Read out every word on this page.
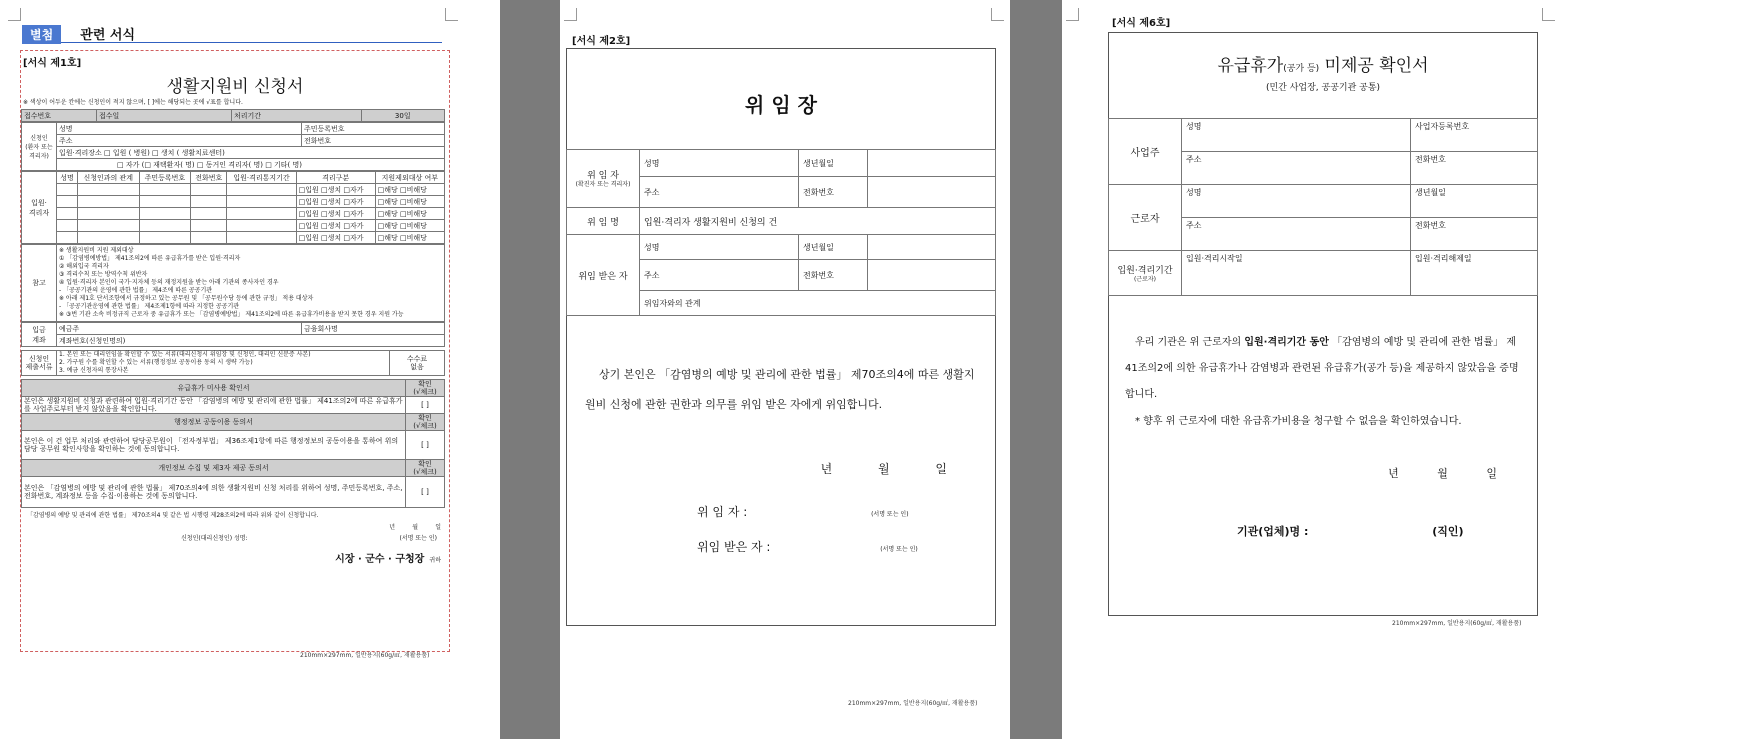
별첨 관련 서식
[서식 제1호]
생활지원비 신청서
※ 색상이 어두운 칸에는 신청인이 적지 않으며, [ ]에는 해당되는 곳에 √표를 합니다.
접수번호	접수일	처리기간	30일
신청인
(환자 또는
격리자)	성명	주민등록번호
	주소	전화번호
	입원·격리장소 □ 입원 ( 병원) □ 생치 ( 생활치료센터)	
	□ 자가 (□ 재택환자( 명) □ 동거인 격리자( 명) □ 기타( 명)	
입원·
격리자	성명	신청인과의 관계	주민등록번호	전화번호	입원·격리통지기간	격리구분	지원제외대상 여부
						□입원 □생치 □자가	□해당 □비해당
						□입원 □생치 □자가	□해당 □비해당
						□입원 □생치 □자가	□해당 □비해당
						□입원 □생치 □자가	□해당 □비해당
						□입원 □생치 □자가	□해당 □비해당
참고	
※ 생활지원비 지원 제외대상
① 「감염병예방법」 제41조의2에 따른 유급휴가를 받은 입원·격리자
② 해외입국 격리자
③ 격리수칙 또는 방역수칙 위반자
④ 입원·격리자 본인이 국가·지자체 등의 재정지원을 받는 아래 기관의 종사자인 경우
- 「공공기관의 운영에 관한 법률」 제4조에 따른 공공기관
※ 아래 제1호 단서조항에서 규정하고 있는 공무원 및 「공무원수당 등에 관한 규정」 적용 대상자
- 「공공기관운영에 관한 법률」 제4조제1항에 따라 지정한 공공기관
※ ③번 기관 소속 비정규직 근로자 중 유급휴가 또는 「감염병예방법」 제41조의2에 따른 유급휴가비용을 받지 못한 경우 지원 가능
입금
계좌	예금주	금융회사명
계좌번호(신청인명의)
신청인
제출서류	
1. 본인 또는 대리인임을 확인할 수 있는 서류(대리신청시 위임장 및 신청인, 대리인 신분증 사본)
2. 가구원 수를 확인할 수 있는 서류(행정정보 공동이용 동의 시 생략 가능)
3. 예금 신청자의 통장사본
	수수료
없음
유급휴가 미사용 확인서	확인
(√체크)
본인은 생활지원비 신청과 관련하여 입원·격리기간 동안 「감염병의 예방 및 관리에 관한 법률」 제41조의2에 따른 유급휴가를 사업주로부터 받지 않았음을 확인합니다.	[ ]
행정정보 공동이용 동의서	확인
(√체크)
본인은 이 건 업무 처리와 관련하여 담당공무원이 「전자정부법」 제36조제1항에 따른 행정정보의 공동이용을 통하여 위의 담당 공무원 확인사항을 확인하는 것에 동의합니다.	[ ]
개인정보 수집 및 제3자 제공 동의서	확인
(√체크)
본인은 「감염병의 예방 및 관리에 관한 법률」 제70조의4에 의한 생활지원비 신청 처리를 위하여 성명, 주민등록번호, 주소, 전화번호, 계좌정보 등을 수집·이용하는 것에 동의합니다.	[ ]
「감염병의 예방 및 관리에 관한 법률」 제70조의4 및 같은 법 시행령 제28조의2에 따라 위와 같이 신청합니다.
년	월	일
신청인(대리신청인) 성명:	(서명 또는 인)
시장 · 군수 · 구청장 귀하
210mm×297mm, 일반용지(60g/㎡, 재활용품)
[서식 제2호]
위 임 장
위 임 자
(확진자 또는 격리자)	성명	생년월일	
	주소	전화번호	
위 임 명	입원·격리자 생활지원비 신청의 건		
위임 받은 자	성명	생년월일	
	주소	전화번호	
	위임자와의 관계		
상기 본인은 「감염병의 예방 및 관리에 관한 법률」 제70조의4에 따른 생활지원비 신청에 관한 권한과 의무를 위임 받은 자에게 위임합니다.
년	월	일
위 임 자 :	(서명 또는 인)
위임 받은 자 :	(서명 또는 인)
210mm×297mm, 일반용지(60g/㎡, 재활용품)
[서식 제6호]
유급휴가(공가 등) 미제공 확인서
(민간 사업장, 공공기관 공통)
사업주	성명	사업자등록번호
	주소	전화번호
근로자	성명	생년월일
	주소	전화번호

입원·격리기간
(근로자)	입원·격리시작일	입원·격리해제일
우리 기관은 위 근로자의 입원·격리기간 동안 「감염병의 예방 및 관리에 관한 법률」 제41조의2에 의한 유급휴가나 감염병과 관련된 유급휴가(공가 등)을 제공하지 않았음을 증명합니다.
* 향후 위 근로자에 대한 유급휴가비용을 청구할 수 없음을 확인하였습니다.
년	월	일
기관(업체)명 :	(직인)
210mm×297mm, 일반용지(60g/㎡, 재활용품)
